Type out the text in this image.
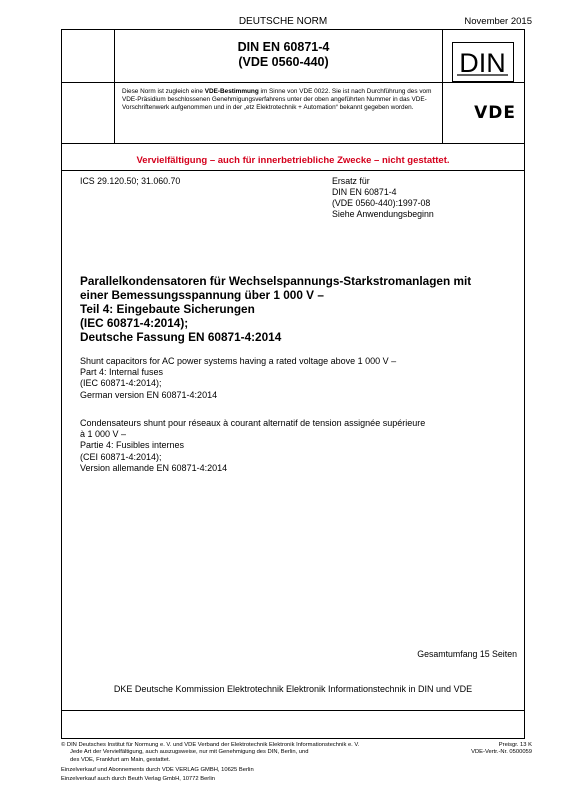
DEUTSCHE NORM	November 2015
DIN EN 60871-4
(VDE 0560-440)	DIN
Diese Norm ist zugleich eine VDE-Bestimmung im Sinne von VDE 0022. Sie ist nach Durchführung des vom VDE-Präsidium beschlossenen Genehmigungsverfahrens unter der oben angeführten Nummer in das VDE-Vorschriftenwerk aufgenommen und in der „etz Elektrotechnik + Automation“ bekannt gegeben worden.	VDE
Vervielfältigung – auch für innerbetriebliche Zwecke – nicht gestattet.
ICS 29.120.50; 31.060.70	Ersatz für
DIN EN 60871-4
(VDE 0560-440):1997-08
Siehe Anwendungsbeginn
Parallelkondensatoren für Wechselspannungs-Starkstromanlagen mit
einer Bemessungsspannung über 1 000 V –
Teil 4: Eingebaute Sicherungen
(IEC 60871-4:2014);
Deutsche Fassung EN 60871-4:2014
Shunt capacitors for AC power systems having a rated voltage above 1 000 V –
Part 4: Internal fuses
(IEC 60871-4:2014);
German version EN 60871-4:2014
Condensateurs shunt pour réseaux à courant alternatif de tension assignée supérieure
à 1 000 V –
Partie 4: Fusibles internes
(CEI 60871-4:2014);
Version allemande EN 60871-4:2014
Gesamtumfang 15 Seiten
DKE Deutsche Kommission Elektrotechnik Elektronik Informationstechnik in DIN und VDE
© DIN Deutsches Institut für Normung e. V. und VDE Verband der Elektrotechnik Elektronik Informationstechnik e. V.
Jede Art der Vervielfältigung, auch auszugsweise, nur mit Genehmigung des DIN, Berlin, und
des VDE, Frankfurt am Main, gestattet.
Preisgr. 13 K
VDE-Vertr.-Nr. 0500059
Einzelverkauf und Abonnements durch VDE VERLAG GMBH, 10625 Berlin
Einzelverkauf auch durch Beuth Verlag GmbH, 10772 Berlin
